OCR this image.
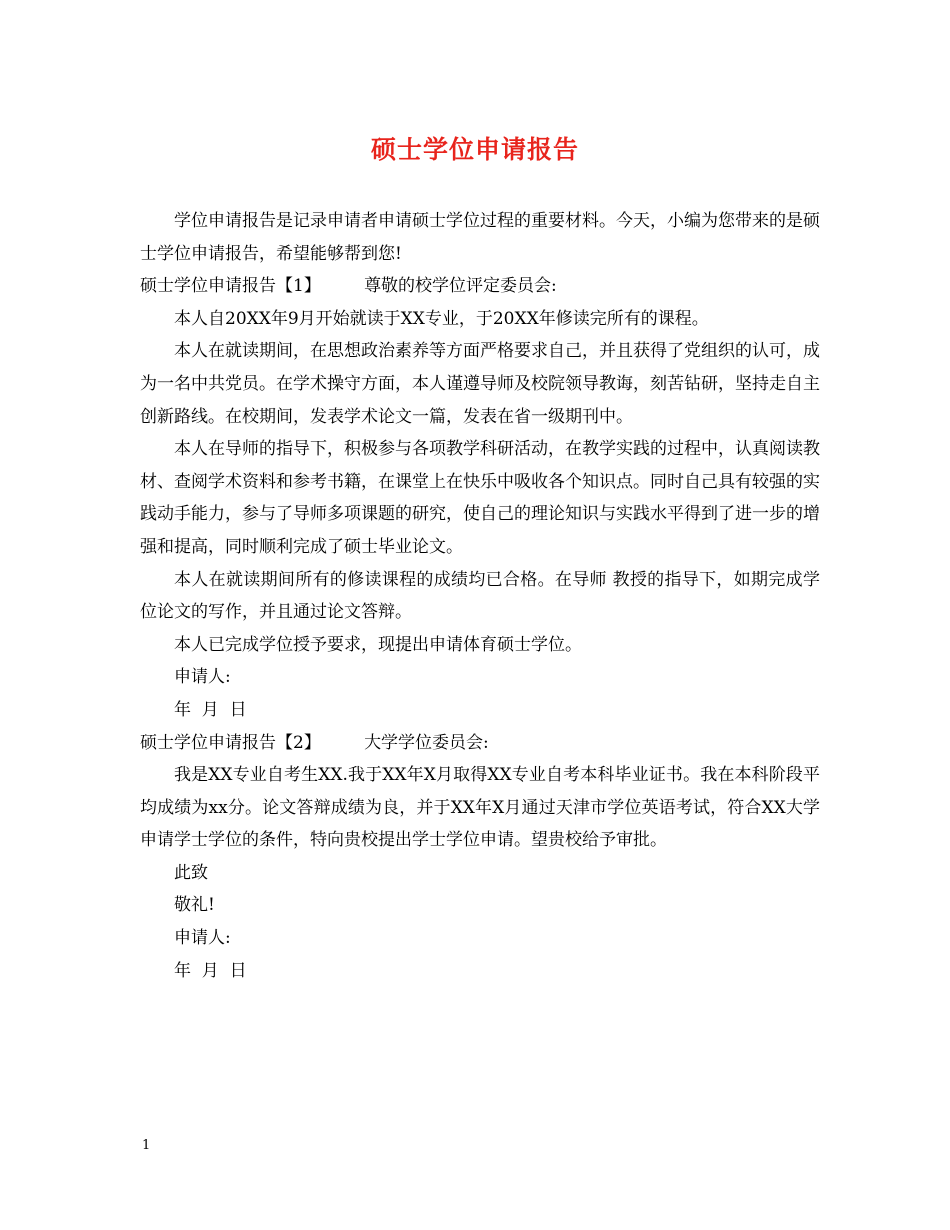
硕士学位申请报告

学位申请报告是记录申请者申请硕士学位过程的重要材料。今天，小编为您带来的是硕士学位申请报告，希望能够帮到您!

硕士学位申请报告【1】	尊敬的校学位评定委员会:

本人自20XX年9月开始就读于XX专业，于20XX年修读完所有的课程。

本人在就读期间，在思想政治素养等方面严格要求自己，并且获得了党组织的认可，成为一名中共党员。在学术操守方面，本人谨遵导师及校院领导教诲，刻苦钻研，坚持走自主创新路线。在校期间，发表学术论文一篇，发表在省一级期刊中。

本人在导师的指导下，积极参与各项教学科研活动，在教学实践的过程中，认真阅读教材、查阅学术资料和参考书籍，在课堂上在快乐中吸收各个知识点。同时自己具有较强的实践动手能力，参与了导师多项课题的研究，使自己的理论知识与实践水平得到了进一步的增强和提高，同时顺利完成了硕士毕业论文。

本人在就读期间所有的修读课程的成绩均已合格。在导师 教授的指导下，如期完成学位论文的写作，并且通过论文答辩。

本人已完成学位授予要求，现提出申请体育硕士学位。

申请人:

年  月  日

硕士学位申请报告【2】	大学学位委员会:

我是XX专业自考生XX.我于XX年X月取得XX专业自考本科毕业证书。我在本科阶段平均成绩为xx分。论文答辩成绩为良，并于XX年X月通过天津市学位英语考试，符合XX大学申请学士学位的条件，特向贵校提出学士学位申请。望贵校给予审批。

此致

敬礼!

申请人:

年  月  日

1
